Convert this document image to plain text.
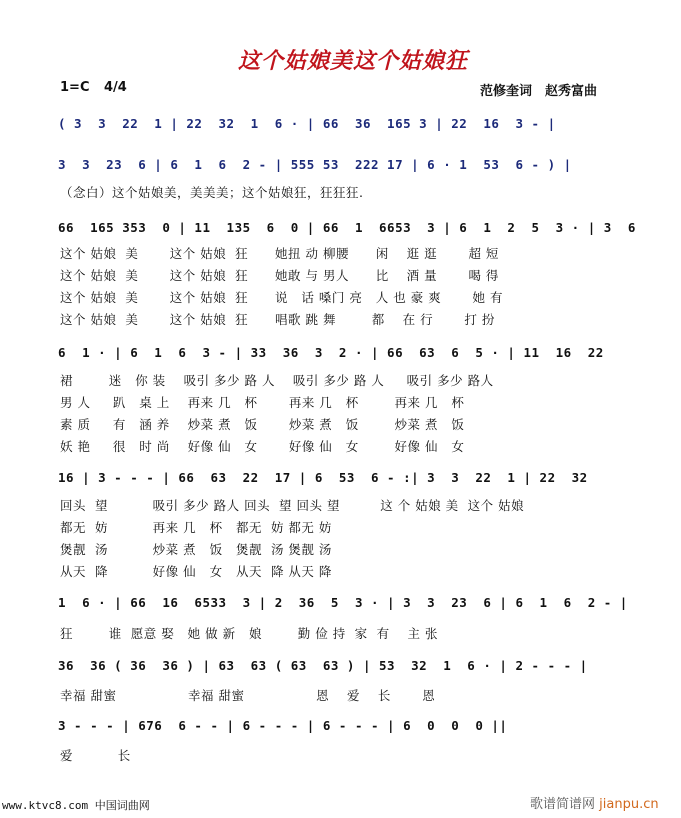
这个姑娘美这个姑娘狂
1=C 4/4	范修奎词　赵秀富曲
( 3  3  22  1 | 22  32  1  6 · | 66  36  165 3 | 22  16  3 - |
3  3  23  6 | 6  1  6  2 - | 555 53  222 17 | 6 · 1  53  6 - ) |
（念白）这个姑娘美，美美美；这个姑娘狂，狂狂狂.
66  165 353  0 | 11  135  6  0 | 66  1  6653  3 | 6  1  2  5  3 · | 3  6
这个 姑娘  美       这个 姑娘  狂      她扭 动 柳腰      闲    逛 逛       超 短
这个 姑娘  美       这个 姑娘  狂      她敢 与 男人      比    酒 量       喝 得
这个 姑娘  美       这个 姑娘  狂      说   话 嗓门 亮   人 也 豪 爽       她 有
这个 姑娘  美       这个 姑娘  狂      唱歌 跳 舞        都    在 行       打 扮
6  1 · | 6  1  6  3 - | 33  36  3  2 · | 66  63  6  5 · | 11  16  22
裙        迷   你 装    吸引 多少 路 人    吸引 多少 路 人     吸引 多少 路人
男 人     趴   桌 上    再来 几   杯       再来 几   杯        再来 几   杯
素 质     有   涵 养    炒菜 煮   饭       炒菜 煮   饭        炒菜 煮   饭
妖 艳     很   时 尚    好像 仙   女       好像 仙   女        好像 仙   女
16 | 3 - - - | 66  63  22  17 | 6  53  6 - :| 3  3  22  1 | 22  32
回头  望          吸引 多少 路人 回头  望 回头 望         这 个 姑娘 美  这个 姑娘
都无  妨          再来 几   杯   都无  妨 都无 妨
煲靓  汤          炒菜 煮   饭   煲靓  汤 煲靓 汤
从天  降          好像 仙   女   从天  降 从天 降
1  6 · | 66  16  6533  3 | 2  36  5  3 · | 3  3  23  6 | 6  1  6  2 - |
狂        谁  愿意 娶   她 做 新   娘        勤 俭 持  家  有    主 张
36  36 ( 36  36 ) | 63  63 ( 63  63 ) | 53  32  1  6 · | 2 - - - |
幸福 甜蜜                幸福 甜蜜                恩    爱    长       恩
3 - - - | 676  6 - - | 6 - - - | 6 - - - | 6  0  0  0 ||
爱          长
www.ktvc8.com 中国词曲网	歌谱简谱网 jianpu.cn
